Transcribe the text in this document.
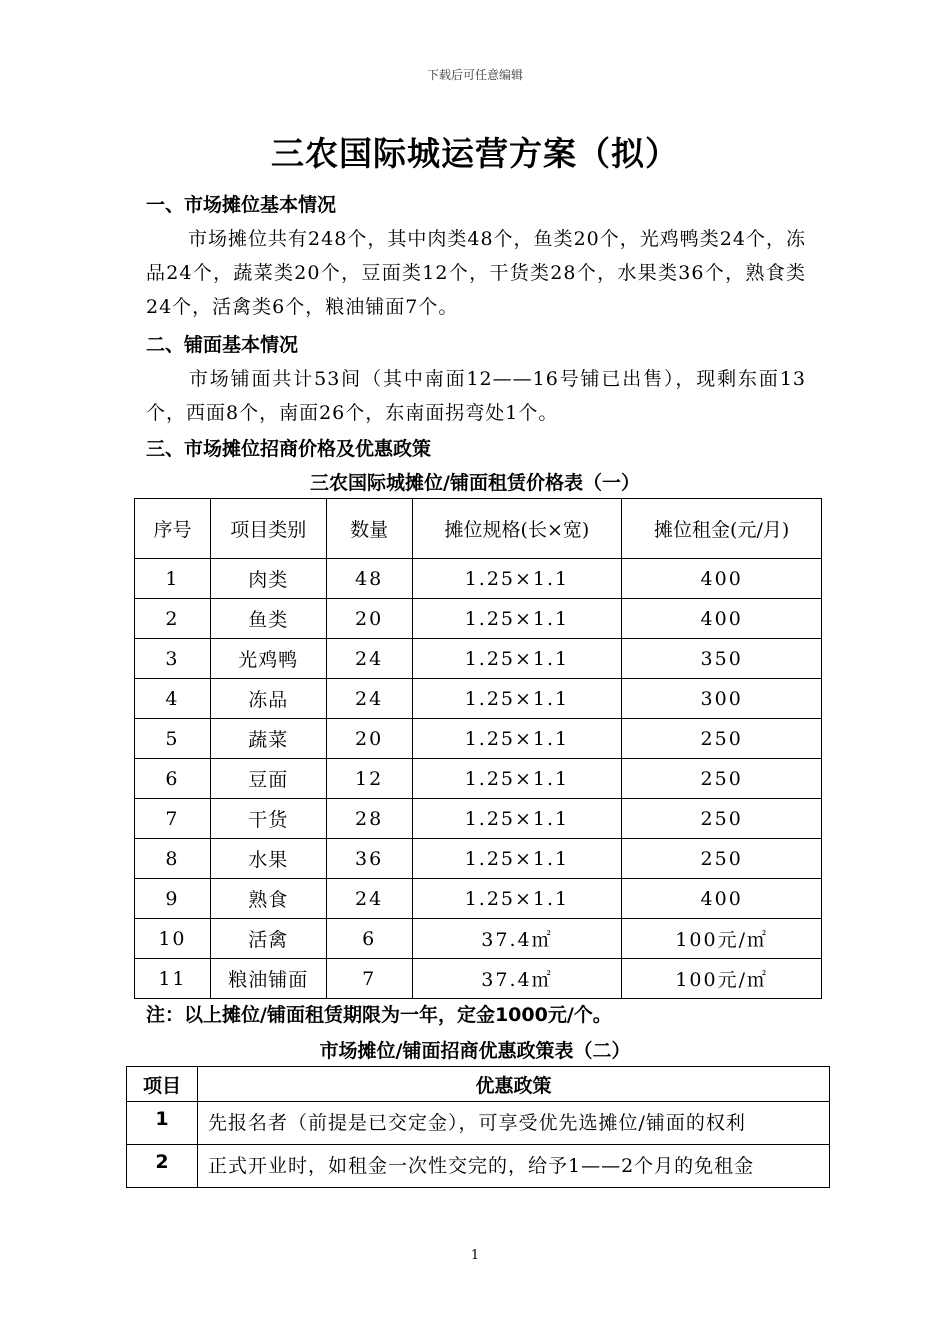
下载后可任意编辑
三农国际城运营方案（拟）
一、市场摊位基本情况
市场摊位共有248个，其中肉类48个，鱼类20个，光鸡鸭类24个，冻品24个，蔬菜类20个，豆面类12个，干货类28个，水果类36个，熟食类24个，活禽类6个，粮油铺面7个。
二、铺面基本情况
市场铺面共计53间（其中南面12——16号铺已出售），现剩东面13个，西面8个，南面26个，东南面拐弯处1个。
三、市场摊位招商价格及优惠政策
三农国际城摊位/铺面租赁价格表（一）
序号	项目类别	数量	摊位规格(长×宽)	摊位租金(元/月)
1	肉类	48	1.25×1.1	400
2	鱼类	20	1.25×1.1	400
3	光鸡鸭	24	1.25×1.1	350
4	冻品	24	1.25×1.1	300
5	蔬菜	20	1.25×1.1	250
6	豆面	12	1.25×1.1	250
7	干货	28	1.25×1.1	250
8	水果	36	1.25×1.1	250
9	熟食	24	1.25×1.1	400
10	活禽	6	37.4㎡	100元/㎡
11	粮油铺面	7	37.4㎡	100元/㎡
注：以上摊位/铺面租赁期限为一年，定金1000元/个。
市场摊位/铺面招商优惠政策表（二）
项目	优惠政策
1	先报名者（前提是已交定金），可享受优先选摊位/铺面的权利
2	正式开业时，如租金一次性交完的，给予1——2个月的免租金
1
